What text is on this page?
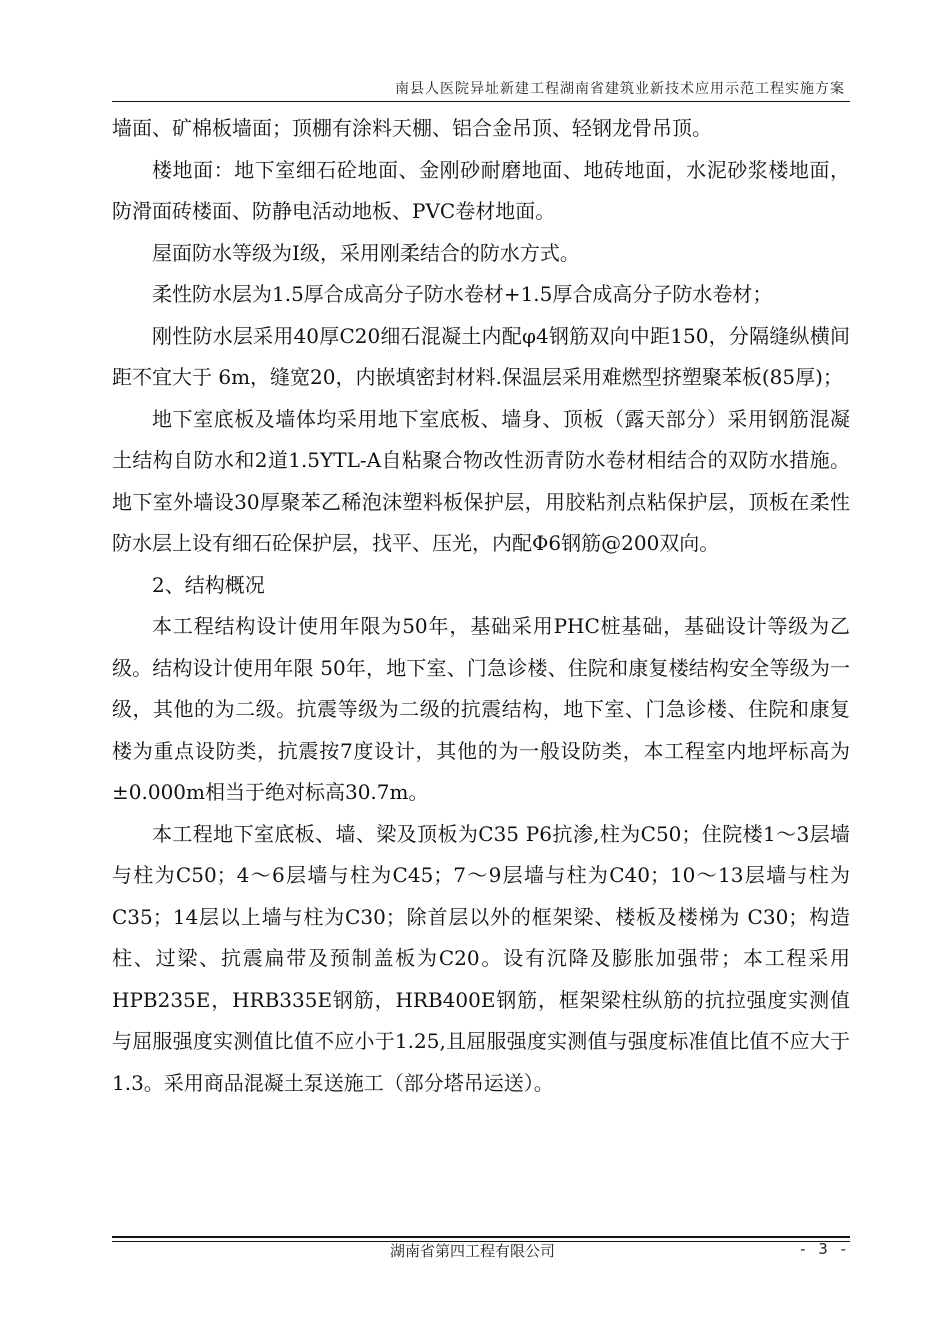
南县人医院异址新建工程湖南省建筑业新技术应用示范工程实施方案

墙面、矿棉板墙面；顶棚有涂料天棚、铝合金吊顶、轻钢龙骨吊顶。

楼地面：地下室细石砼地面、金刚砂耐磨地面、地砖地面，水泥砂浆楼地面，防滑面砖楼面、防静电活动地板、PVC卷材地面。

屋面防水等级为Ⅰ级，采用刚柔结合的防水方式。

柔性防水层为1.5厚合成高分子防水卷材+1.5厚合成高分子防水卷材；

刚性防水层采用40厚C20细石混凝土内配φ4钢筋双向中距150，分隔缝纵横间距不宜大于 6m，缝宽20，内嵌填密封材料.保温层采用难燃型挤塑聚苯板(85厚)；

地下室底板及墙体均采用地下室底板、墙身、顶板（露天部分）采用钢筋混凝土结构自防水和2道1.5YTL-A自粘聚合物改性沥青防水卷材相结合的双防水措施。地下室外墙设30厚聚苯乙稀泡沫塑料板保护层，用胶粘剂点粘保护层，顶板在柔性防水层上设有细石砼保护层，找平、压光，内配Φ6钢筋@200双向。

2、结构概况

本工程结构设计使用年限为50年，基础采用PHC桩基础，基础设计等级为乙级。结构设计使用年限 50年，地下室、门急诊楼、住院和康复楼结构安全等级为一级，其他的为二级。抗震等级为二级的抗震结构，地下室、门急诊楼、住院和康复楼为重点设防类，抗震按7度设计，其他的为一般设防类，本工程室内地坪标高为±0.000m相当于绝对标高30.7m。

本工程地下室底板、墙、梁及顶板为C35 P6抗渗,柱为C50；住院楼1～3层墙与柱为C50；4～6层墙与柱为C45；7～9层墙与柱为C40；10～13层墙与柱为C35；14层以上墙与柱为C30；除首层以外的框架梁、楼板及楼梯为 C30；构造柱、过梁、抗震扁带及预制盖板为C20。设有沉降及膨胀加强带；本工程采用HPB235E，HRB335E钢筋，HRB400E钢筋，框架梁柱纵筋的抗拉强度实测值与屈服强度实测值比值不应小于1.25,且屈服强度实测值与强度标准值比值不应大于1.3。采用商品混凝土泵送施工（部分塔吊运送）。

湖南省第四工程有限公司	- 3 -
